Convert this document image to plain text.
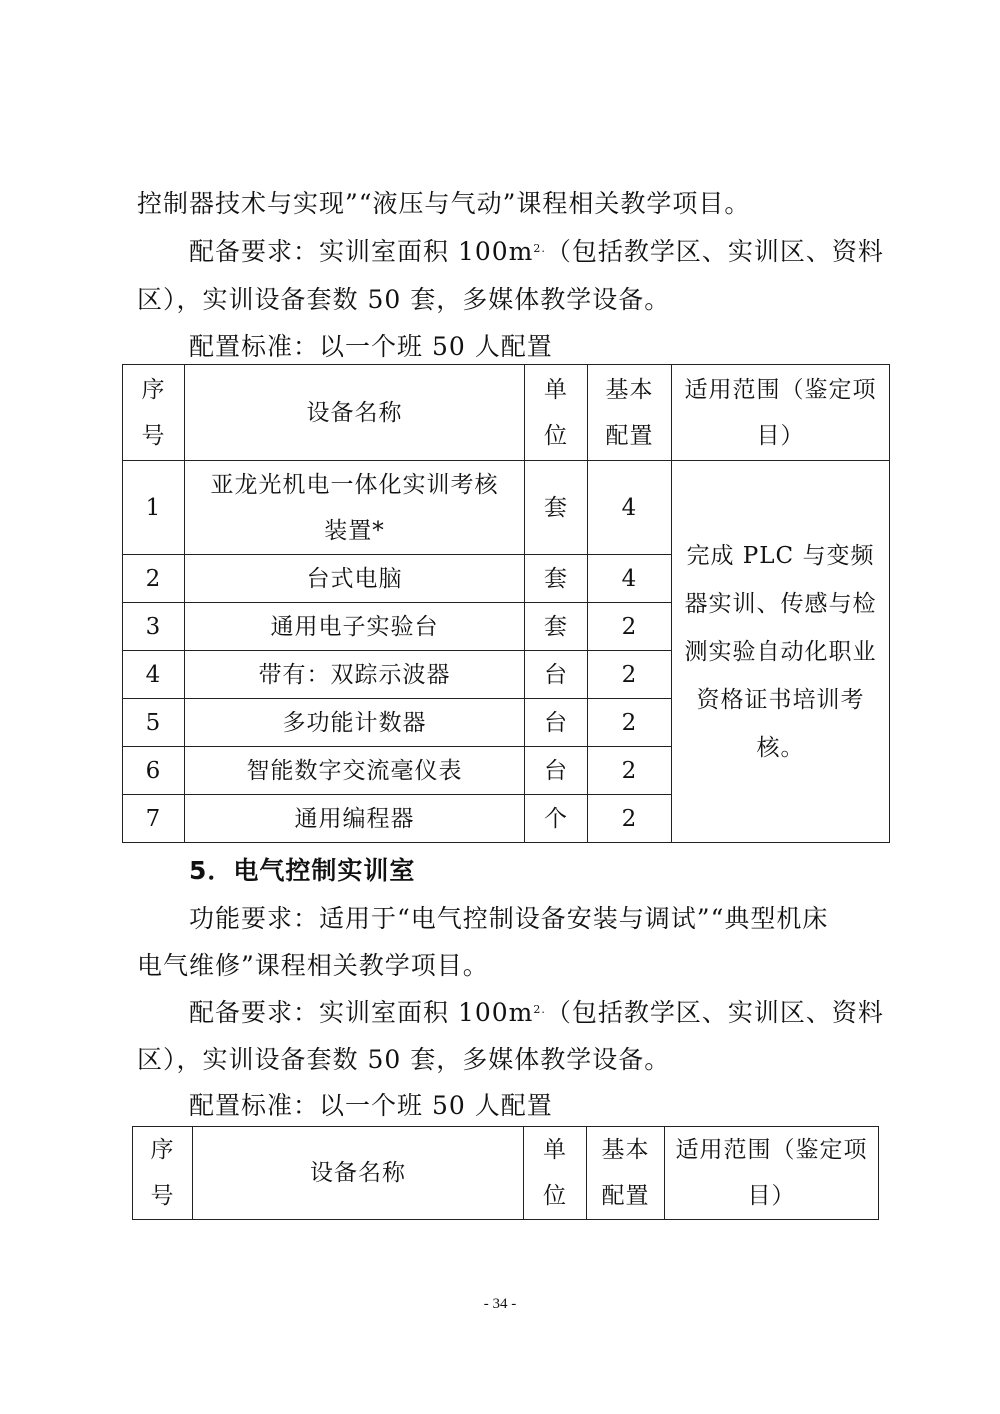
控制器技术与实现”“液压与气动”课程相关教学项目。
配备要求：实训室面积 $100m^{2.}$（包括教学区、实训区、资料
区），实训设备套数 50 套，多媒体教学设备。
配置标准：以一个班 50 人配置
序号	设备名称	单位	基本配置	适用范围（鉴定项目）
1	亚龙光机电一体化实训考核装置*	套	4	完成 PLC 与变频器实训、传感与检测实验自动化职业资格证书培训考核。
2	台式电脑	套	4	
3	通用电子实验台	套	2	
4	带有：双踪示波器	台	2	
5	多功能计数器	台	2	
6	智能数字交流毫仪表	台	2	
7	通用编程器	个	2	
5．电气控制实训室
功能要求：适用于“电气控制设备安装与调试”“典型机床
电气维修”课程相关教学项目。
配备要求：实训室面积 $100m^{2.}$（包括教学区、实训区、资料
区），实训设备套数 50 套，多媒体教学设备。
配置标准：以一个班 50 人配置
序号	设备名称	单位	基本配置	适用范围（鉴定项目）
- 34 -
